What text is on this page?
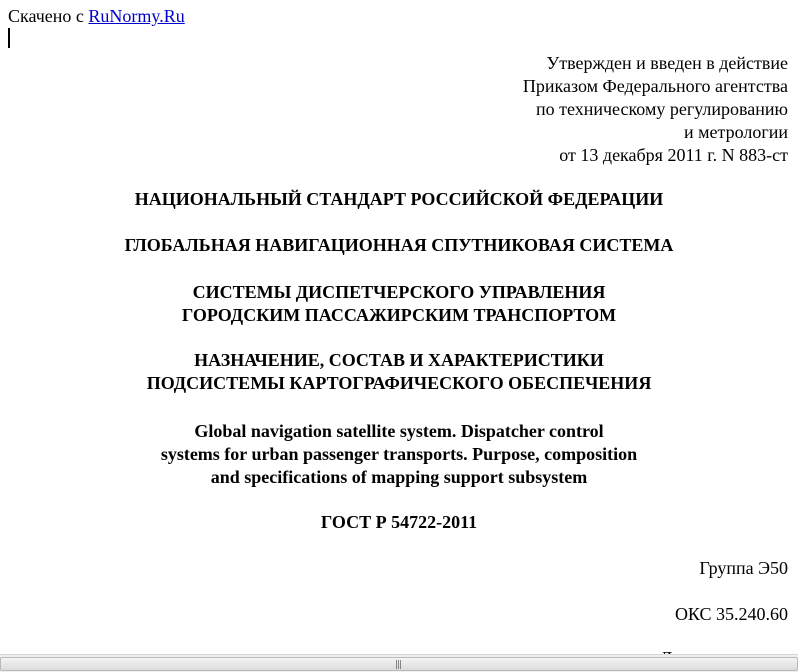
Скачено с RuNormy.Ru
Утвержден и введен в действие
Приказом Федерального агентства
по техническому регулированию
и метрологии
от 13 декабря 2011 г. N 883-ст
НАЦИОНАЛЬНЫЙ СТАНДАРТ РОССИЙСКОЙ ФЕДЕРАЦИИ
ГЛОБАЛЬНАЯ НАВИГАЦИОННАЯ СПУТНИКОВАЯ СИСТЕМА
СИСТЕМЫ ДИСПЕТЧЕРСКОГО УПРАВЛЕНИЯ
ГОРОДСКИМ ПАССАЖИРСКИМ ТРАНСПОРТОМ
НАЗНАЧЕНИЕ, СОСТАВ И ХАРАКТЕРИСТИКИ
ПОДСИСТЕМЫ КАРТОГРАФИЧЕСКОГО ОБЕСПЕЧЕНИЯ
Global navigation satellite system. Dispatcher control
systems for urban passenger transports. Purpose, composition
and specifications of mapping support subsystem
ГОСТ Р 54722-2011
Группа Э50
ОКС 35.240.60
|||
